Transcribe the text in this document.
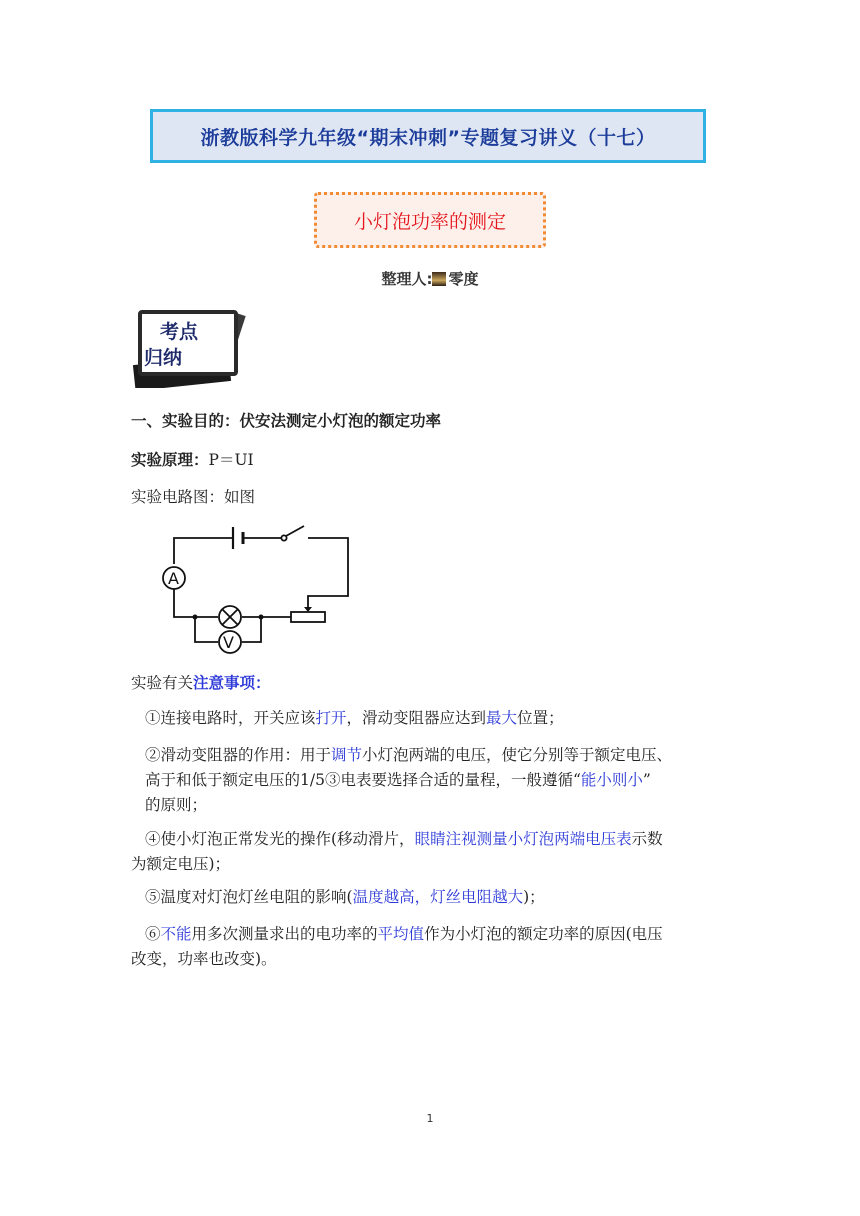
浙教版科学九年级“期末冲刺”专题复习讲义（十七）
小灯泡功率的测定
整理人: 零度
考点
归纳
一、实验目的：伏安法测定小灯泡的额定功率
实验原理：P＝UI
实验电路图：如图
A
V
实验有关注意事项：
①连接电路时，开关应该打开，滑动变阻器应达到最大位置；
②滑动变阻器的作用：用于调节小灯泡两端的电压，使它分别等于额定电压、
高于和低于额定电压的1/5③电表要选择合适的量程，一般遵循“能小则小”
的原则；
④使小灯泡正常发光的操作(移动滑片，眼睛注视测量小灯泡两端电压表示数
为额定电压)；
⑤温度对灯泡灯丝电阻的影响(温度越高，灯丝电阻越大)；
⑥不能用多次测量求出的电功率的平均值作为小灯泡的额定功率的原因(电压
改变，功率也改变)。
1
